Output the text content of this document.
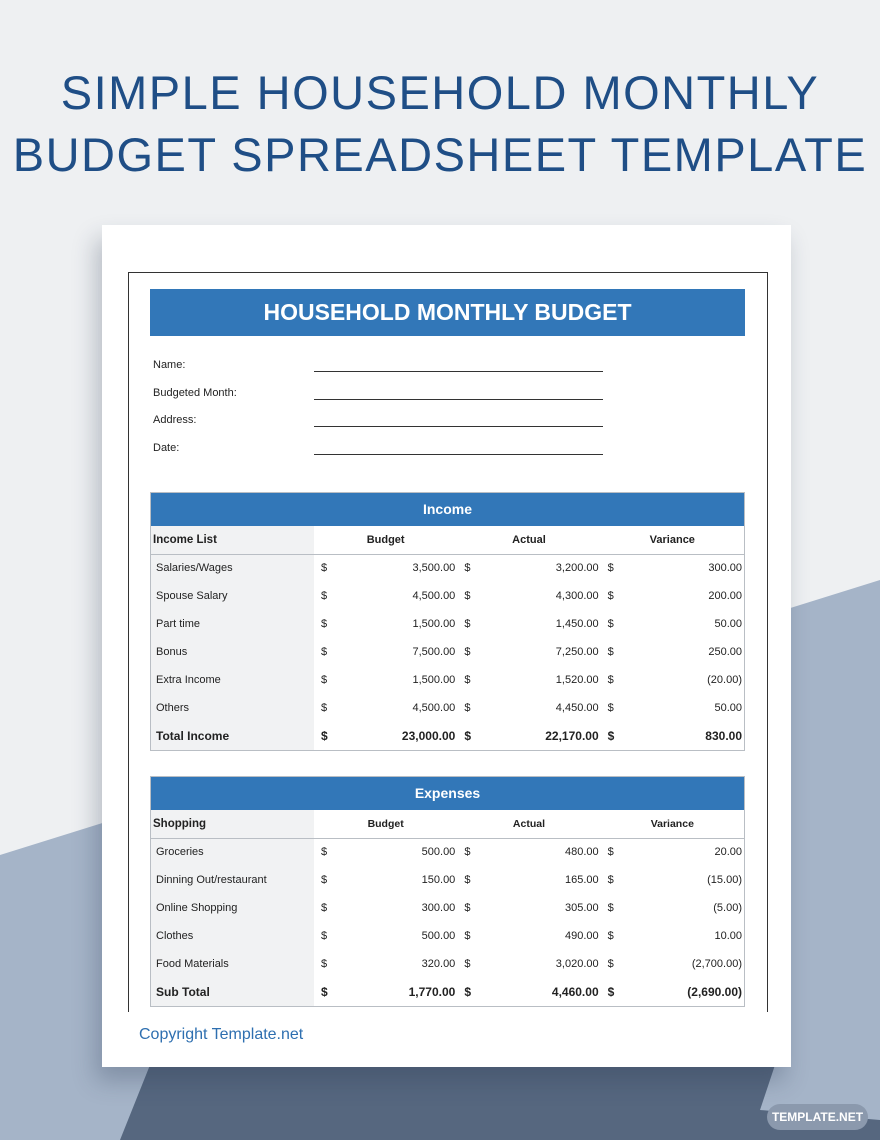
SIMPLE HOUSEHOLD MONTHLY
BUDGET SPREADSHEET TEMPLATE
HOUSEHOLD MONTHLY BUDGET
Name:
Budgeted Month:
Address:
Date:
Income
Income List	Budget		Actual		Variance	
Salaries/Wages	$	3,500.00	$	3,200.00	$	300.00
Spouse Salary	$	4,500.00	$	4,300.00	$	200.00
Part time	$	1,500.00	$	1,450.00	$	50.00
Bonus	$	7,500.00	$	7,250.00	$	250.00
Extra Income	$	1,500.00	$	1,520.00	$	(20.00)
Others	$	4,500.00	$	4,450.00	$	50.00
Total Income	$	23,000.00	$	22,170.00	$	830.00
Expenses
Shopping	Budget		Actual		Variance	
Groceries	$	500.00	$	480.00	$	20.00
Dinning Out/restaurant	$	150.00	$	165.00	$	(15.00)
Online Shopping	$	300.00	$	305.00	$	(5.00)
Clothes	$	500.00	$	490.00	$	10.00
Food Materials	$	320.00	$	3,020.00	$	(2,700.00)
Sub Total	$	1,770.00	$	4,460.00	$	(2,690.00)
Copyright Template.net
TEMPLATE.NET
